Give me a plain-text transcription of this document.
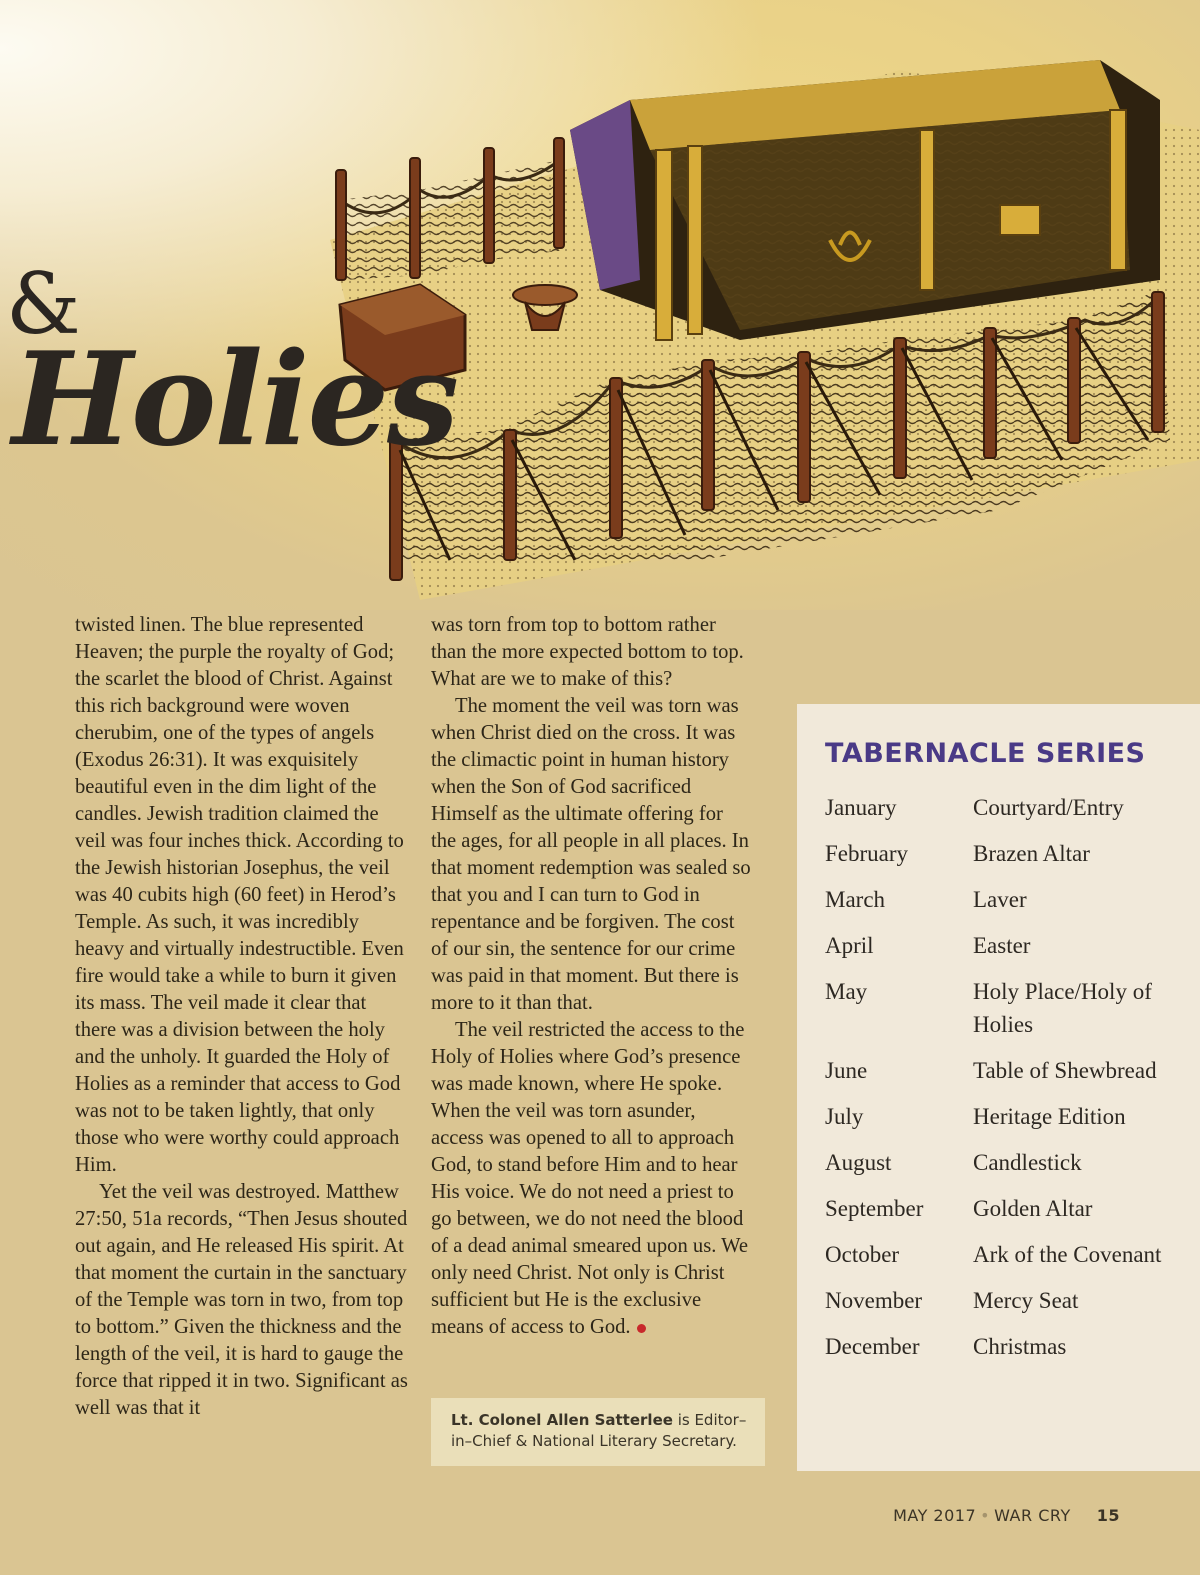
&
Holies

twisted linen. The blue represented Heaven; the purple the royalty of God; the scarlet the blood of Christ. Against this rich background were woven cherubim, one of the types of angels (Exodus 26:31). It was exquisitely beautiful even in the dim light of the candles. Jewish tradition claimed the veil was four inches thick. According to the Jewish historian Josephus, the veil was 40 cubits high (60 feet) in Herod’s Temple. As such, it was incredibly heavy and virtually indestructible. Even fire would take a while to burn it given its mass. The veil made it clear that there was a division between the holy and the unholy. It guarded the Holy of Holies as a reminder that access to God was not to be taken lightly, that only those who were worthy could approach Him.

Yet the veil was destroyed. Matthew 27:50, 51a records, “Then Jesus shouted out again, and He released His spirit. At that moment the curtain in the sanctuary of the Temple was torn in two, from top to bottom.” Given the thickness and the length of the veil, it is hard to gauge the force that ripped it in two. Significant as well was that it

was torn from top to bottom rather than the more expected bottom to top. What are we to make of this?

The moment the veil was torn was when Christ died on the cross. It was the climactic point in human history when the Son of God sacrificed Himself as the ultimate offering for the ages, for all people in all places. In that moment redemption was sealed so that you and I can turn to God in repentance and be forgiven. The cost of our sin, the sentence for our crime was paid in that moment. But there is more to it than that.

The veil restricted the access to the Holy of Holies where God’s presence was made known, where He spoke. When the veil was torn asunder, access was opened to all to approach God, to stand before Him and to hear His voice. We do not need a priest to go between, we do not need the blood of a dead animal smeared upon us. We only need Christ. Not only is Christ sufficient but He is the exclusive means of access to God.

Lt. Colonel Allen Satterlee is Editor–in–Chief & National Literary Secretary.
TABERNACLE SERIES
January	Courtyard/Entry
February	Brazen Altar
March	Laver
April	Easter
May	Holy Place/Holy of Holies
June	Table of Shewbread
July	Heritage Edition
August	Candlestick
September	Golden Altar
October	Ark of the Covenant
November	Mercy Seat
December	Christmas
MAY 2017 • WAR CRY 15
